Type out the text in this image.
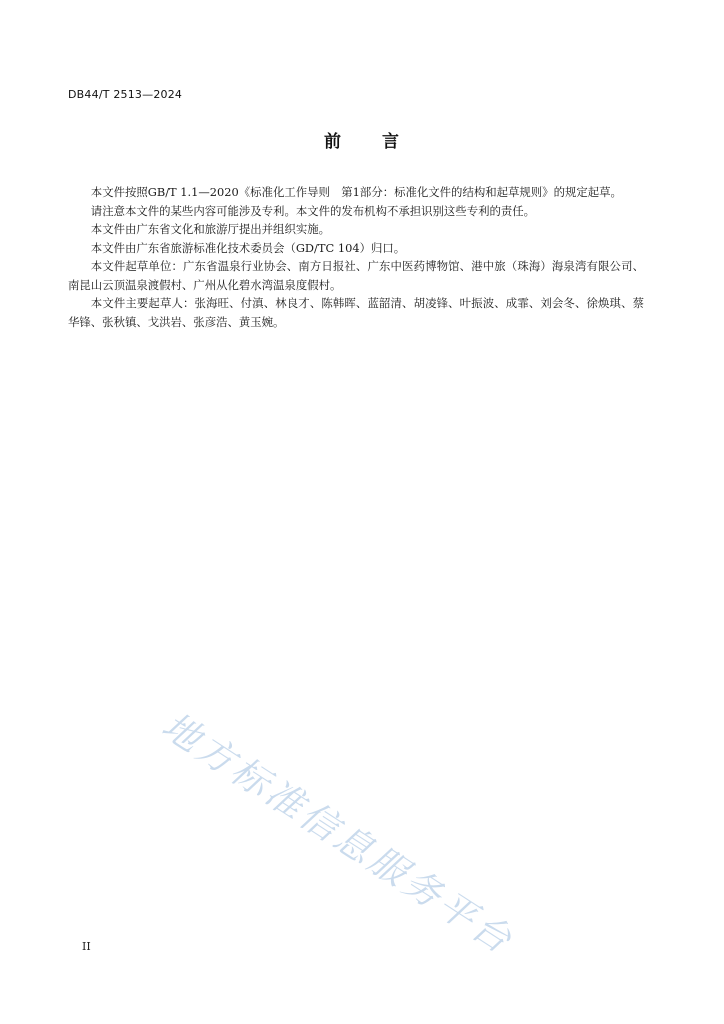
DB44/T 2513—2024
前 言

本文件按照GB/T 1.1—2020《标准化工作导则　第1部分：标准化文件的结构和起草规则》的规定起草。

请注意本文件的某些内容可能涉及专利。本文件的发布机构不承担识别这些专利的责任。

本文件由广东省文化和旅游厅提出并组织实施。

本文件由广东省旅游标准化技术委员会（GD/TC 104）归口。

本文件起草单位：广东省温泉行业协会、南方日报社、广东中医药博物馆、港中旅（珠海）海泉湾有限公司、南昆山云顶温泉渡假村、广州从化碧水湾温泉度假村。

本文件主要起草人：张海旺、付滇、林良才、陈韩晖、蓝韶清、胡凌锋、叶振波、成霏、刘会冬、徐焕琪、蔡华锋、张秋镇、戈洪岩、张彦浩、黄玉婉。

地方标准信息服务平台
II
